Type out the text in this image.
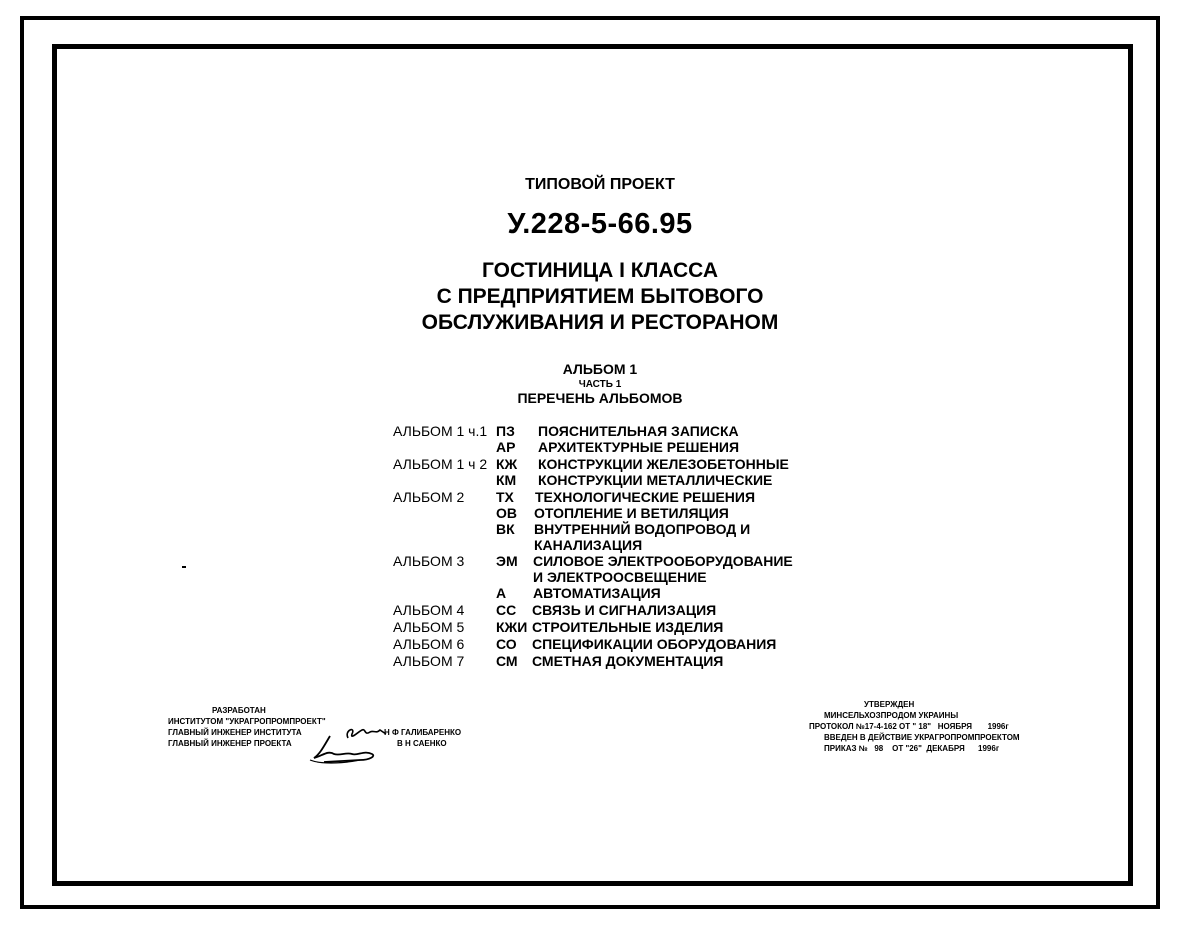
ТИПОВОЙ ПРОЕКТ
У.228-5-66.95
ГОСТИНИЦА I КЛАССА
С ПРЕДПРИЯТИЕМ БЫТОВОГО
ОБСЛУЖИВАНИЯ И РЕСТОРАНОМ
АЛЬБОМ 1
ЧАСТЬ 1
ПЕРЕЧЕНЬ АЛЬБОМОВ
АЛЬБОМ 1 ч.1 ПЗ ПОЯСНИТЕЛЬНАЯ ЗАПИСКА
АР АРХИТЕКТУРНЫЕ РЕШЕНИЯ
АЛЬБОМ 1 ч 2 КЖ КОНСТРУКЦИИ ЖЕЛЕЗОБЕТОННЫЕ
КМ КОНСТРУКЦИИ МЕТАЛЛИЧЕСКИЕ
АЛЬБОМ 2 ТХ ТЕХНОЛОГИЧЕСКИЕ РЕШЕНИЯ
ОВ ОТОПЛЕНИЕ И ВЕТИЛЯЦИЯ
ВК ВНУТРЕННИЙ ВОДОПРОВОД И
КАНАЛИЗАЦИЯ
АЛЬБОМ 3 ЭМ СИЛОВОЕ ЭЛЕКТРООБОРУДОВАНИЕ
И ЭЛЕКТРООСВЕЩЕНИЕ
А АВТОМАТИЗАЦИЯ
АЛЬБОМ 4 СС СВЯЗЬ И СИГНАЛИЗАЦИЯ
АЛЬБОМ 5 КЖИ СТРОИТЕЛЬНЫЕ ИЗДЕЛИЯ
АЛЬБОМ 6 СО СПЕЦИФИКАЦИИ ОБОРУДОВАНИЯ
АЛЬБОМ 7 СМ СМЕТНАЯ ДОКУМЕНТАЦИЯ
РАЗРАБОТАН
ИНСТИТУТОМ "УКРАГРОПРОМПРОЕКТ"
ГЛАВНЫЙ ИНЖЕНЕР ИНСТИТУТА
ГЛАВНЫЙ ИНЖЕНЕР ПРОЕКТА
Н Ф ГАЛИБАРЕНКО
В Н САЕНКО
УТВЕРЖДЕН
МИНСЕЛЬХОЗПРОДОМ УКРАИНЫ
ПРОТОКОЛ №17-4-162 ОТ " 18"   НОЯБРЯ       1996г
ВВЕДЕН В ДЕЙСТВИЕ УКРАГРОПРОМПРОЕКТОМ
ПРИКАЗ №   98    ОТ "26"  ДЕКАБРЯ      1996г
